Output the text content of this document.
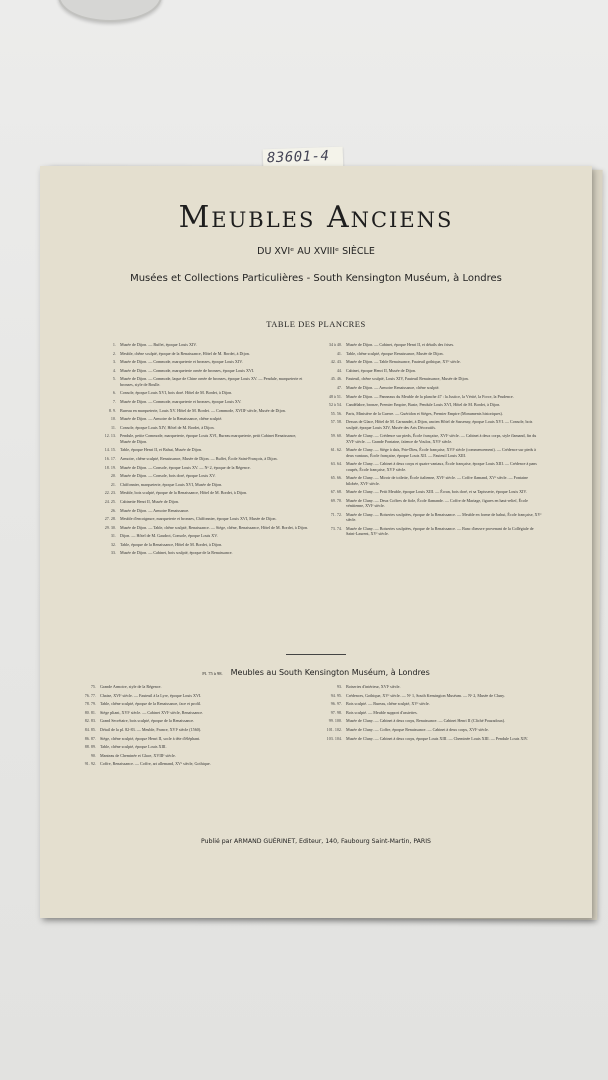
83601-4
Meubles Anciens
DU XVIᵉ AU XVIIIᵉ SIÈCLE
Musées et Collections Particulières - South Kensington Muséum, à Londres
TABLE DES PLANCRES
1. Musée de Dijon. — Buffet, époque Louis XIV.
2. Meuble, chêne sculpté, époque de la Renaissance, Hôtel de M. Bordet, à Dijon.
3. Musée de Dijon. — Commode, marqueterie et bronzes, époque Louis XIV.
4. Musée de Dijon. — Commode, marqueterie ornée de bronzes, époque Louis XVI.
5. Musée de Dijon. — Commode, laque de Chine ornée de bronzes, époque Louis XV. — Pendule, marqueterie et bronzes, style de Boulle.
6. Console, époque Louis XVI, bois doré. Hôtel de M. Bordet, à Dijon.
7. Musée de Dijon. — Commode, marqueterie et bronzes, époque Louis XV.
8. 9. Bureau en marqueterie, Louis XV. Hôtel de M. Bordet. — Commode, XVIIIᵉ siècle, Musée de Dijon.
10. Musée de Dijon. — Armoire de la Renaissance, chêne sculpté.
11. Console, époque Louis XIV, Hôtel de M. Bordet, à Dijon.
12. 13. Pendule, petite Commode, marqueterie, époque Louis XVI, Bureau marqueterie, petit Cabinet Renaissance, Musée de Dijon.
14. 15. Table, époque Henri II, et Bahut, Musée de Dijon.
16. 17. Armoire, chêne sculpté, Renaissance, Musée de Dijon. — Buffet, École Saint-François, à Dijon.
18. 19. Musée de Dijon. — Console, époque Louis XV. — Nᵒ 2, époque de la Régence.
20. Musée de Dijon. — Console, bois doré, époque Louis XV.
21. Chiffonnier, marqueterie, époque Louis XVI, Musée de Dijon.
22. 23. Meuble, bois sculpté, époque de la Renaissance, Hôtel de M. Bordet, à Dijon.
24. 25. Cabinette Henri II, Musée de Dijon.
26. Musée de Dijon. — Armoire Renaissance.
27. 28. Meuble d'encoignure, marqueterie et bronzes, Chiffonnier, époque Louis XVI, Musée de Dijon.
29. 30. Musée de Dijon. — Table, chêne sculpté, Renaissance. — Siège, chêne, Renaissance, Hôtel de M. Bordet, à Dijon.
31. Dijon. — Hôtel de M. Gaudrot, Console, époque Louis XV.
32. Table, époque de la Renaissance, Hôtel de M. Bordet, à Dijon.
33. Musée de Dijon. — Cabinet, bois sculpté, époque de la Renaissance.
34 à 40. Musée de Dijon. — Cabinet, époque Henri II, et détails des frises.
41. Table, chêne sculpté, époque Renaissance, Musée de Dijon.
42. 43. Musée de Dijon. — Table Renaissance, Fauteuil gothique, XVᵉ siècle.
44. Cabinet, époque Henri II, Musée de Dijon.
45. 46. Fauteuil, chêne sculpté, Louis XIV, Fauteuil Renaissance, Musée de Dijon.
47. Musée de Dijon. — Armoire Renaissance, chêne sculpté.
48 à 51. Musée de Dijon. — Panneaux du Meuble de la planche 47 : la Justice, la Vérité, la Force, la Prudence.
52 à 54. Candélabre, bronze, Premier Empire, Buste, Pendule Louis XVI, Hôtel de M. Bordet, à Dijon.
55. 56. Paris, Ministère de la Guerre. — Guéridon et Sièges, Premier Empire (Monuments historiques).
57. 58. Dessus de Glace, Hôtel de M. Carnandet, à Dijon, ancien Hôtel de Sassenay, époque Louis XVI. — Console, bois sculpté, époque Louis XIV, Musée des Arts Décoratifs.
59. 60. Musée de Cluny. — Crédence sur pieds, École française, XVIᵉ siècle. — Cabinet à deux corps, style flamand, fin du XVIᵉ siècle. — Grande Fontaine, faïence de Vouloz, XVIᵉ siècle.
61. 62. Musée de Cluny. — Siège à dais, Prie-Dieu, École française, XVIᵉ siècle (commencement). — Crédence sur pieds à deux vantaux, École française, époque Louis XII. — Fauteuil Louis XIII.
63. 64. Musée de Cluny. — Cabinet à deux corps et quatre vantaux, École française, époque Louis XIII. — Crédence à pans coupés, École française, XVIᵉ siècle.
65. 66. Musée de Cluny. — Miroir de toilette, École italienne, XVIᵉ siècle. — Coffre flamand, XVᵉ siècle. — Fontaine bilobée, XVIᵉ siècle.
67. 68. Musée de Cluny. — Petit Meuble, époque Louis XIII. — Écran, bois doré, et sa Tapisserie, époque Louis XIV.
69. 70. Musée de Cluny. — Deux Coffres de fiole, École flamande. — Coffre de Mariage, figures en haut-relief, École vénitienne, XVIᵉ siècle.
71. 72. Musée de Cluny. — Boiseries sculptées, époque de la Renaissance. — Meuble en forme de bahut, École française, XVᵉ siècle.
73. 74. Musée de Cluny. — Boiseries sculptées, époque de la Renaissance. — Banc d'œuvre provenant de la Collégiale de Saint-Laurent, XVᵉ siècle.
Pl. 75 à 98. Meubles au South Kensington Muséum, à Londres
75. Grande Armoire, style de la Régence.
76. 77. Chaise, XVIᵉ siècle. — Fauteuil à la Lyre, époque Louis XVI.
78. 79. Table, chêne sculpté, époque de la Renaissance, face et profil.
80. 81. Siège pliant, XVIᵉ siècle. — Cabinet XVIᵉ siècle, Renaissance.
82. 83. Grand Secrétaire, bois sculpté, époque de la Renaissance.
84. 85. Détail de la pl. 82-83. — Meuble, France, XVIᵉ siècle (1560).
86. 87. Siège, chêne sculpté, époque Henri II, socle à tête d'éléphant.
88. 89. Table, chêne sculpté, époque Louis XIII.
90. Manteau de Cheminée et Glace, XVIIIᵉ siècle.
91. 92. Coffre, Renaissance. — Coffre, art allemand, XVᵉ siècle, Gothique.
93. Boiseries d'intérieur, XVIᵉ siècle.
94. 95. Crédences, Gothique, XVᵉ siècle. — Nᵒ 1, South Kensington Muséum. — Nᵒ 2, Musée de Cluny.
96. 97. Bois sculpté. — Bureau, chêne sculpté, XVᵉ siècle.
97. 98. Bois sculpté. — Meuble support d'assiettes.
99. 100. Musée de Cluny. — Cabinet à deux corps, Renaissance. — Cabinet Henri II (Cliché Pouzadoux).
101. 102. Musée de Cluny. — Coffre, époque Renaissance. — Cabinet à deux corps, XVIᵉ siècle.
103. 104. Musée de Cluny. — Cabinet à deux corps, époque Louis XIII. — Cheminée Louis XIII. — Pendule Louis XIV.
Publié par ARMAND GUÉRINET, Editeur, 140, Faubourg Saint-Martin, PARIS
